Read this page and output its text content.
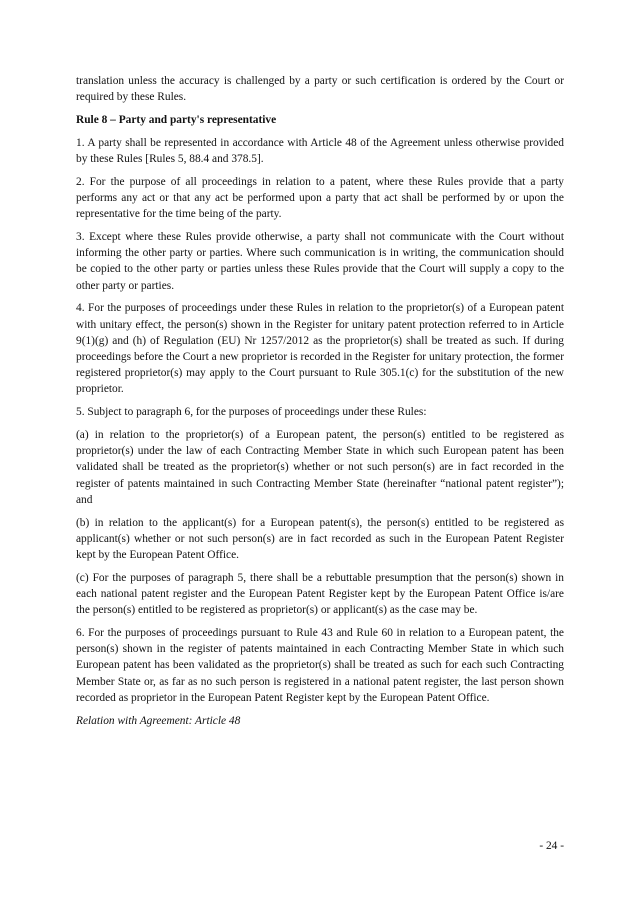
translation unless the accuracy is challenged by a party or such certification is ordered by the Court or required by these Rules.

Rule 8 – Party and party's representative

1. A party shall be represented in accordance with Article 48 of the Agreement unless otherwise provided by these Rules [Rules 5, 88.4 and 378.5].

2. For the purpose of all proceedings in relation to a patent, where these Rules provide that a party performs any act or that any act be performed upon a party that act shall be performed by or upon the representative for the time being of the party.

3. Except where these Rules provide otherwise, a party shall not communicate with the Court without informing the other party or parties. Where such communication is in writing, the communication should be copied to the other party or parties unless these Rules provide that the Court will supply a copy to the other party or parties.

4. For the purposes of proceedings under these Rules in relation to the proprietor(s) of a European patent with unitary effect, the person(s) shown in the Register for unitary patent protection referred to in Article 9(1)(g) and (h) of Regulation (EU) Nr 1257/2012 as the proprietor(s) shall be treated as such. If during proceedings before the Court a new proprietor is recorded in the Register for unitary protection, the former registered proprietor(s) may apply to the Court pursuant to Rule 305.1(c) for the substitution of the new proprietor.

5. Subject to paragraph 6, for the purposes of proceedings under these Rules:

(a) in relation to the proprietor(s) of a European patent, the person(s) entitled to be registered as proprietor(s) under the law of each Contracting Member State in which such European patent has been validated shall be treated as the proprietor(s) whether or not such person(s) are in fact recorded in the register of patents maintained in such Contracting Member State (hereinafter “national patent register”); and

(b) in relation to the applicant(s) for a European patent(s), the person(s) entitled to be registered as applicant(s) whether or not such person(s) are in fact recorded as such in the European Patent Register kept by the European Patent Office.

(c) For the purposes of paragraph 5, there shall be a rebuttable presumption that the person(s) shown in each national patent register and the European Patent Register kept by the European Patent Office is/are the person(s) entitled to be registered as proprietor(s) or applicant(s) as the case may be.

6. For the purposes of proceedings pursuant to Rule 43 and Rule 60 in relation to a European patent, the person(s) shown in the register of patents maintained in each Contracting Member State in which such European patent has been validated as the proprietor(s) shall be treated as such for each such Contracting Member State or, as far as no such person is registered in a national patent register, the last person shown recorded as proprietor in the European Patent Register kept by the European Patent Office.

Relation with Agreement: Article 48

- 24 -
